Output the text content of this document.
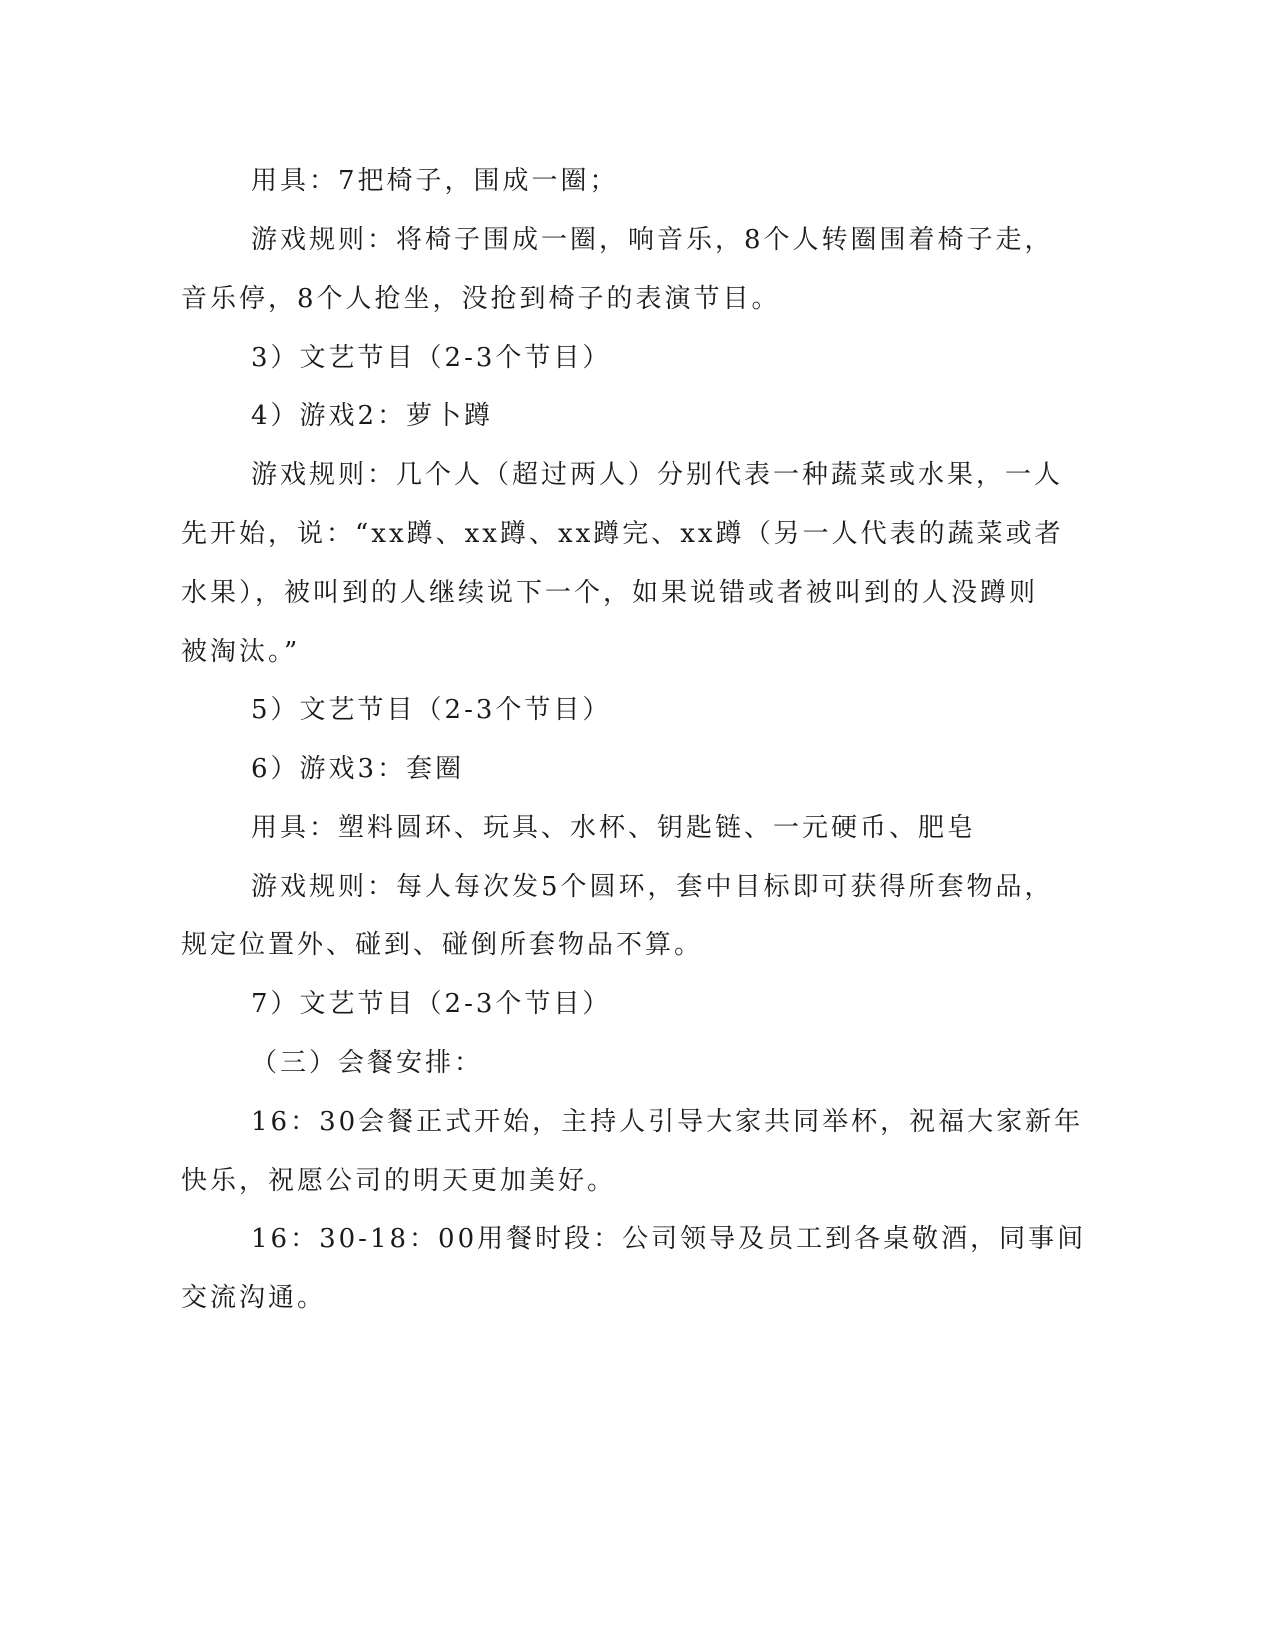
用具：7把椅子，围成一圈；
游戏规则：将椅子围成一圈，响音乐，8个人转圈围着椅子走，
音乐停，8个人抢坐，没抢到椅子的表演节目。
3）文艺节目（2-3个节目）
4）游戏2：萝卜蹲
游戏规则：几个人（超过两人）分别代表一种蔬菜或水果，一人
先开始，说：“xx蹲、xx蹲、xx蹲完、xx蹲（另一人代表的蔬菜或者
水果），被叫到的人继续说下一个，如果说错或者被叫到的人没蹲则
被淘汰。”
5）文艺节目（2-3个节目）
6）游戏3：套圈
用具：塑料圆环、玩具、水杯、钥匙链、一元硬币、肥皂
游戏规则：每人每次发5个圆环，套中目标即可获得所套物品，
规定位置外、碰到、碰倒所套物品不算。
7）文艺节目（2-3个节目）
（三）会餐安排：
16：30会餐正式开始，主持人引导大家共同举杯，祝福大家新年
快乐，祝愿公司的明天更加美好。
16：30-18：00用餐时段：公司领导及员工到各桌敬酒，同事间
交流沟通。
